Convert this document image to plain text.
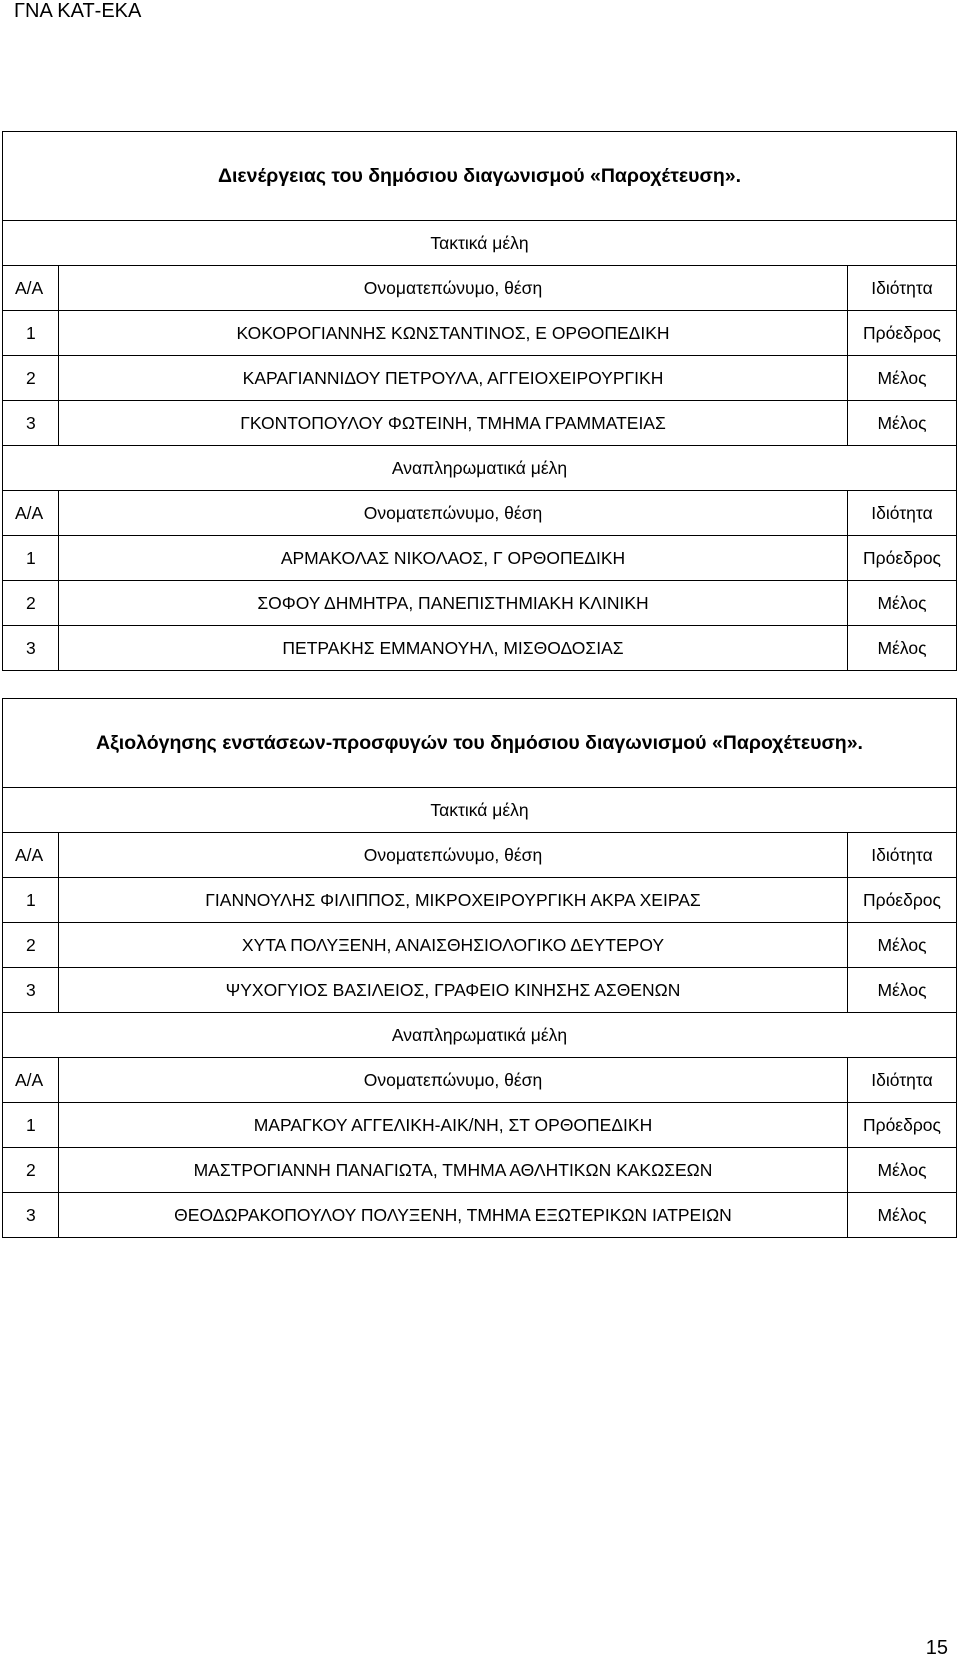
ΓΝΑ ΚΑΤ-ΕΚΑ
Διενέργειας του δημόσιου διαγωνισμού «Παροχέτευση».		
Τακτικά μέλη		
Α/Α	Ονοματεπώνυμο, θέση	Ιδιότητα
1	ΚΟΚΟΡΟΓΙΑΝΝΗΣ ΚΩΝΣΤΑΝΤΙΝΟΣ, Ε ΟΡΘΟΠΕΔΙΚΗ	Πρόεδρος
2	ΚΑΡΑΓΙΑΝΝΙΔΟΥ ΠΕΤΡΟΥΛΑ, ΑΓΓΕΙΟΧΕΙΡΟΥΡΓΙΚΗ	Μέλος
3	ΓΚΟΝΤΟΠΟΥΛΟΥ ΦΩΤΕΙΝΗ, ΤΜΗΜΑ ΓΡΑΜΜΑΤΕΙΑΣ	Μέλος
Αναπληρωματικά μέλη		
Α/Α	Ονοματεπώνυμο, θέση	Ιδιότητα
1	ΑΡΜΑΚΟΛΑΣ ΝΙΚΟΛΑΟΣ, Γ ΟΡΘΟΠΕΔΙΚΗ	Πρόεδρος
2	ΣΟΦΟΥ ΔΗΜΗΤΡΑ, ΠΑΝΕΠΙΣΤΗΜΙΑΚΗ ΚΛΙΝΙΚΗ	Μέλος
3	ΠΕΤΡΑΚΗΣ ΕΜΜΑΝΟΥΗΛ, ΜΙΣΘΟΔΟΣΙΑΣ	Μέλος
Αξιολόγησης ενστάσεων-προσφυγών του δημόσιου διαγωνισμού «Παροχέτευση».		
Τακτικά μέλη		
Α/Α	Ονοματεπώνυμο, θέση	Ιδιότητα
1	ΓΙΑΝΝΟΥΛΗΣ ΦΙΛΙΠΠΟΣ, ΜΙΚΡΟΧΕΙΡΟΥΡΓΙΚΗ ΑΚΡΑ ΧΕΙΡΑΣ	Πρόεδρος
2	ΧΥΤΑ ΠΟΛΥΞΕΝΗ, ΑΝΑΙΣΘΗΣΙΟΛΟΓΙΚΟ ΔΕΥΤΕΡΟΥ	Μέλος
3	ΨΥΧΟΓΥΙΟΣ ΒΑΣΙΛΕΙΟΣ, ΓΡΑΦΕΙΟ ΚΙΝΗΣΗΣ ΑΣΘΕΝΩΝ	Μέλος
Αναπληρωματικά μέλη		
Α/Α	Ονοματεπώνυμο, θέση	Ιδιότητα
1	ΜΑΡΑΓΚΟΥ ΑΓΓΕΛΙΚΗ-ΑΙΚ/ΝΗ, ΣΤ ΟΡΘΟΠΕΔΙΚΗ	Πρόεδρος
2	ΜΑΣΤΡΟΓΙΑΝΝΗ ΠΑΝΑΓΙΩΤΑ, ΤΜΗΜΑ ΑΘΛΗΤΙΚΩΝ ΚΑΚΩΣΕΩΝ	Μέλος
3	ΘΕΟΔΩΡΑΚΟΠΟΥΛΟΥ ΠΟΛΥΞΕΝΗ, ΤΜΗΜΑ ΕΞΩΤΕΡΙΚΩΝ ΙΑΤΡΕΙΩΝ	Μέλος
15
